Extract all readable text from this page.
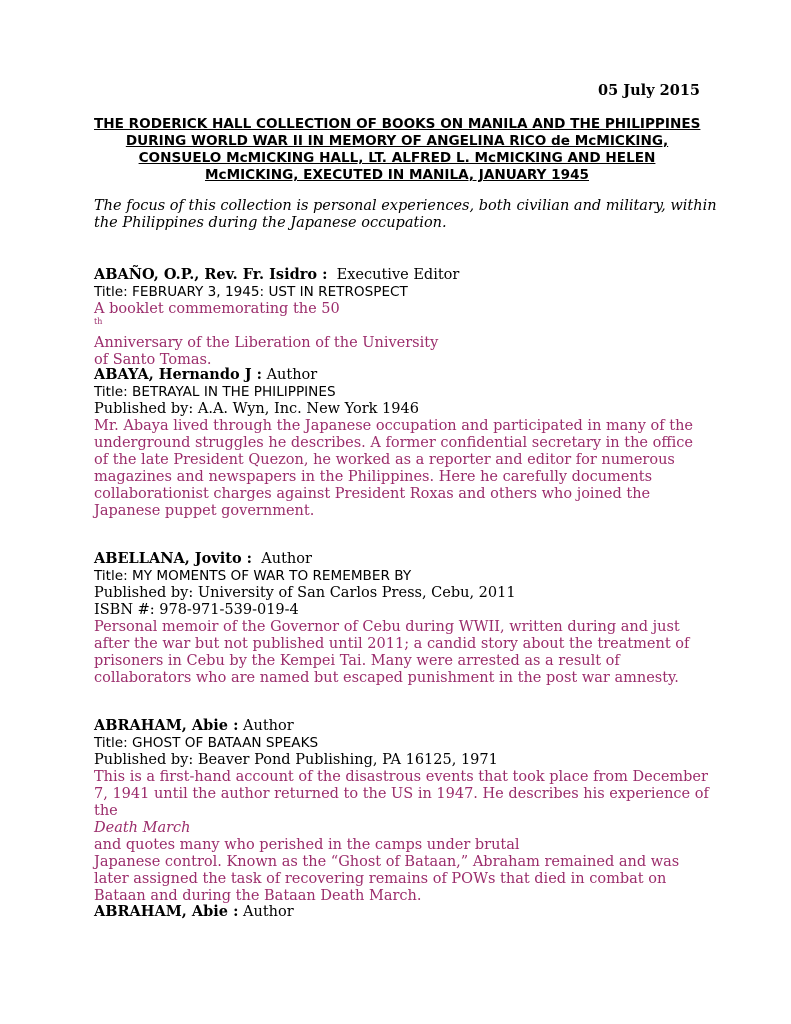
05 July 2015
THE RODERICK HALL COLLECTION OF BOOKS ON MANILA AND THE PHILIPPINES
DURING WORLD WAR II IN MEMORY OF ANGELINA RICO de McMICKING,
CONSUELO McMICKING HALL, LT. ALFRED L. McMICKING AND HELEN
McMICKING, EXECUTED IN MANILA, JANUARY 1945
The focus of this collection is personal experiences, both civilian and military, within
the Philippines during the Japanese occupation.
ABAÑO, O.P., Rev. Fr. Isidro : Executive Editor
Title: FEBRUARY 3, 1945: UST IN RETROSPECT
A booklet commemorating the 50
$^{th}$
Anniversary of the Liberation of the University
of Santo Tomas.
ABAYA, Hernando J : Author
Title: BETRAYAL IN THE PHILIPPINES
Published by: A.A. Wyn, Inc. New York 1946
Mr. Abaya lived through the Japanese occupation and participated in many of the
underground struggles he describes. A former confidential secretary in the office
of the late President Quezon, he worked as a reporter and editor for numerous
magazines and newspapers in the Philippines. Here he carefully documents
collaborationist charges against President Roxas and others who joined the
Japanese puppet government.
ABELLANA, Jovito : Author
Title: MY MOMENTS OF WAR TO REMEMBER BY
Published by: University of San Carlos Press, Cebu, 2011
ISBN #: 978-971-539-019-4
Personal memoir of the Governor of Cebu during WWII, written during and just
after the war but not published until 2011; a candid story about the treatment of
prisoners in Cebu by the Kempei Tai. Many were arrested as a result of
collaborators who are named but escaped punishment in the post war amnesty.
ABRAHAM, Abie : Author
Title: GHOST OF BATAAN SPEAKS
Published by: Beaver Pond Publishing, PA 16125, 1971
This is a first-hand account of the disastrous events that took place from December
7, 1941 until the author returned to the US in 1947. He describes his experience of
the
Death March
and quotes many who perished in the camps under brutal
Japanese control. Known as the “Ghost of Bataan,” Abraham remained and was
later assigned the task of recovering remains of POWs that died in combat on
Bataan and during the Bataan Death March.
ABRAHAM, Abie : Author
